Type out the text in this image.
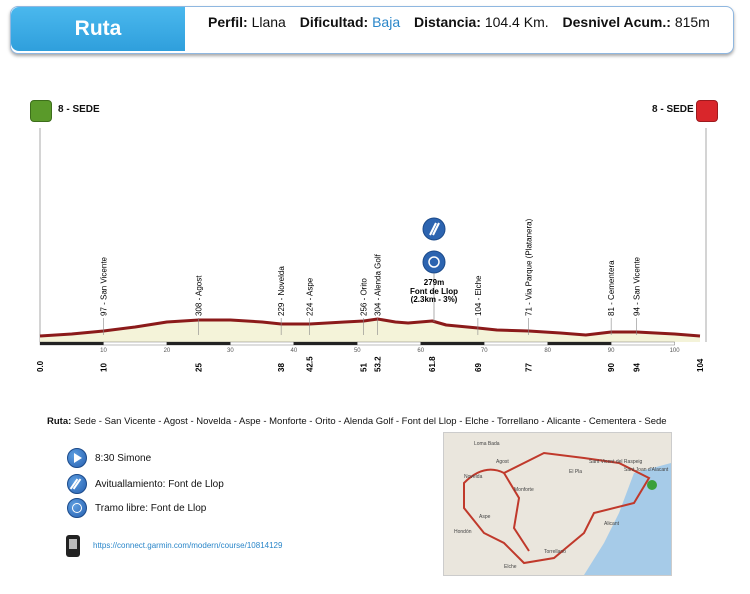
Ruta	Perfil: Llana Dificultad: Baja Distancia: 104.4 Km. Desnivel Acum.: 815m
97 - San Vicente	308 - Agost	229 - Novelda 224 - Aspe	256 - Orito 304 - Alenda Golf	104 - Elche	71 - Via Parque (Platanera)	81 - Cementera 94 - San Vicente
10	20	30	40	50	60	70	80	90	100
0.0	10	25	38 42.5	51 53.2	61.8	69	77	90 94	104
279m
Font de Llop
(2.3km - 3%)
8 - SEDE	8 - SEDE
Ruta: Sede - San Vicente - Agost - Novelda - Aspe - Monforte - Orito - Alenda Golf - Font del Llop - Elche - Torrellano - Alicante - Cementera - Sede
8:30 Simone
Avituallamiento: Font de Llop
Tramo libre: Font de Llop
https://connect.garmin.com/modern/course/10814129
Loma Bada
Agost
Novelda
Aspe
Elche
Alicant
Sant Joan d'Alacant
Sant Vicent del Raspeig
El Pla
Torrellano
Monforte
Hondón
